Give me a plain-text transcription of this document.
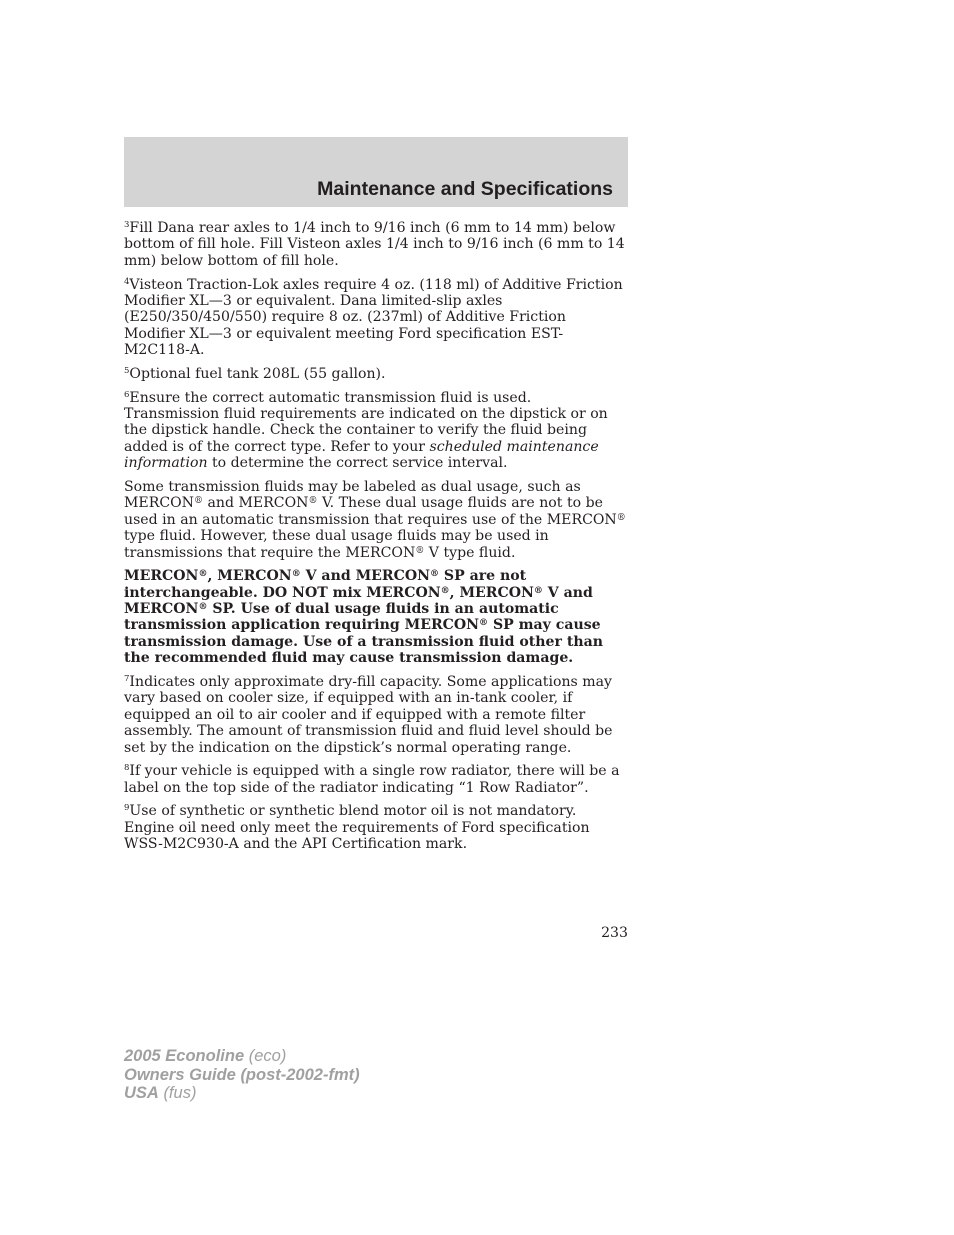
Maintenance and Specifications

$^3$Fill Dana rear axles to 1/4 inch to 9/16 inch (6 mm to 14 mm) below bottom of fill hole. Fill Visteon axles 1/4 inch to 9/16 inch (6 mm to 14 mm) below bottom of fill hole.

$^4$Visteon Traction-Lok axles require 4 oz. (118 ml) of Additive Friction Modifier XL—3 or equivalent. Dana limited-slip axles (E250/350/450/550) require 8 oz. (237ml) of Additive Friction Modifier XL—3 or equivalent meeting Ford specification EST-M2C118-A.

$^5$Optional fuel tank 208L (55 gallon).

$^6$Ensure the correct automatic transmission fluid is used. Transmission fluid requirements are indicated on the dipstick or on the dipstick handle. Check the container to verify the fluid being added is of the correct type. Refer to your scheduled maintenance information to determine the correct service interval.

Some transmission fluids may be labeled as dual usage, such as MERCON® and MERCON® V. These dual usage fluids are not to be used in an automatic transmission that requires use of the MERCON® type fluid. However, these dual usage fluids may be used in transmissions that require the MERCON® V type fluid.

MERCON®, MERCON® V and MERCON® SP are not interchangeable. DO NOT mix MERCON®, MERCON® V and MERCON® SP. Use of dual usage fluids in an automatic transmission application requiring MERCON® SP may cause transmission damage. Use of a transmission fluid other than the recommended fluid may cause transmission damage.

$^7$Indicates only approximate dry-fill capacity. Some applications may vary based on cooler size, if equipped with an in-tank cooler, if equipped an oil to air cooler and if equipped with a remote filter assembly. The amount of transmission fluid and fluid level should be set by the indication on the dipstick’s normal operating range.

$^8$If your vehicle is equipped with a single row radiator, there will be a label on the top side of the radiator indicating “1 Row Radiator”.

$^9$Use of synthetic or synthetic blend motor oil is not mandatory. Engine oil need only meet the requirements of Ford specification WSS-M2C930-A and the API Certification mark.

233
2005 Econoline (eco)
Owners Guide (post-2002-fmt)
USA (fus)
